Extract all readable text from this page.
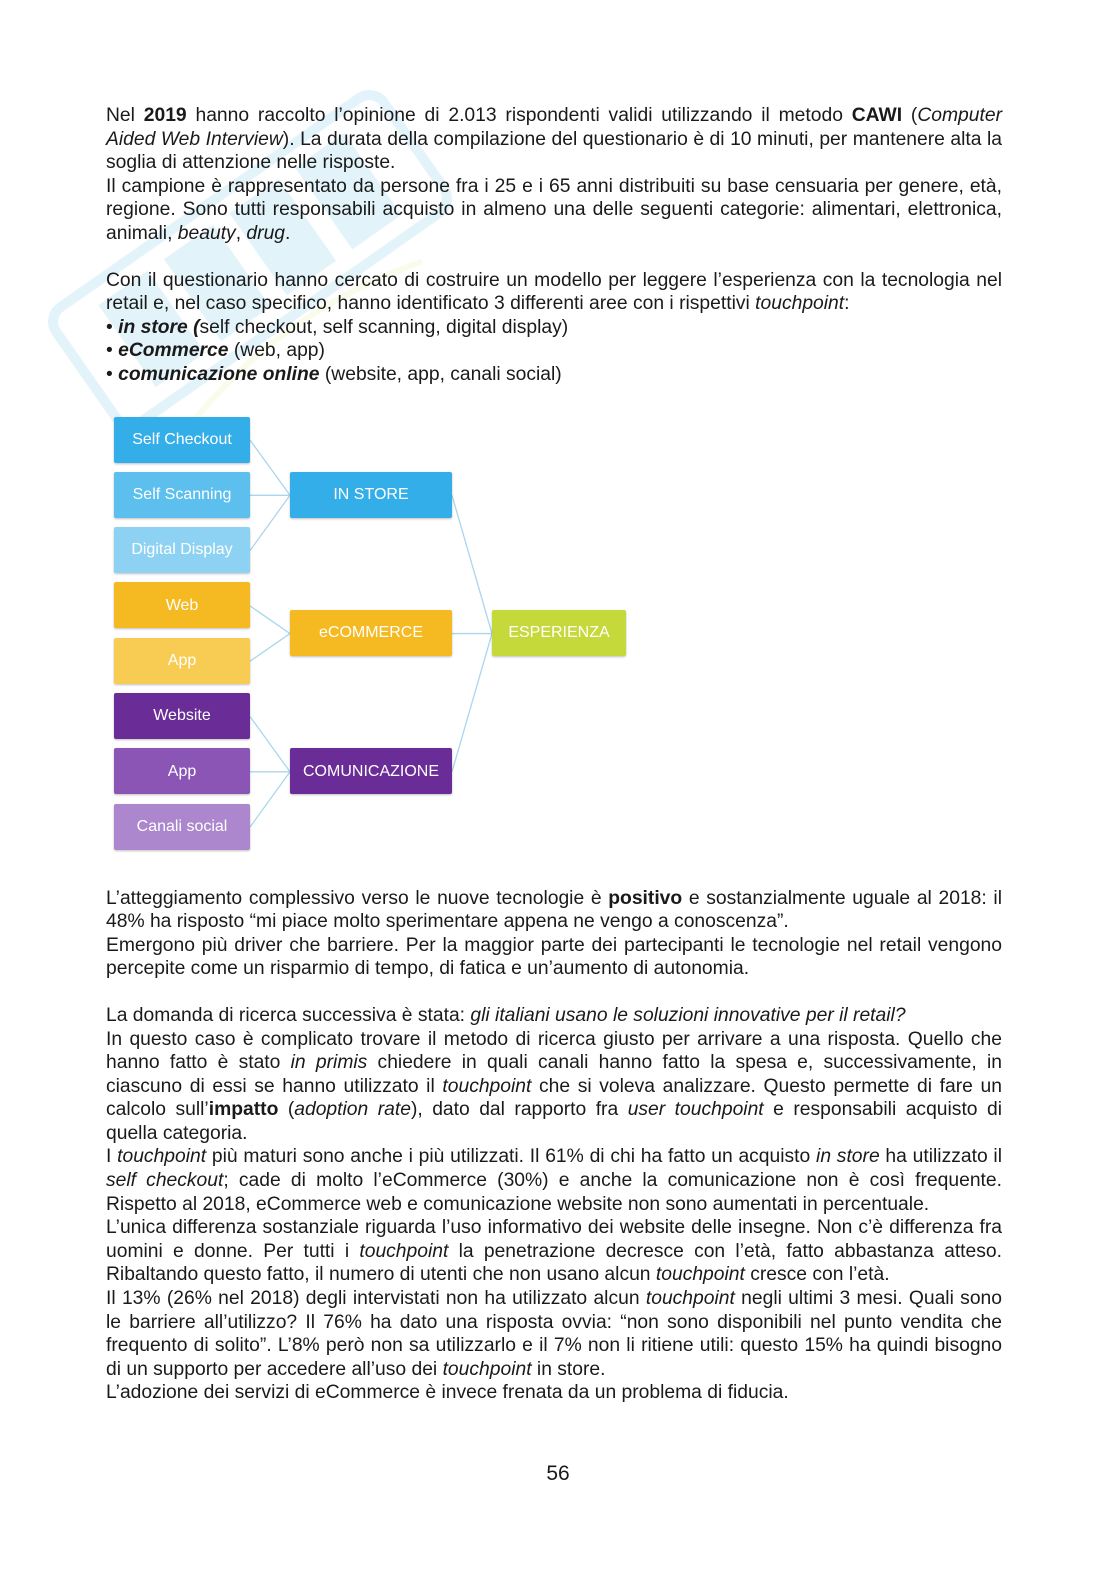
Nel 2019 hanno raccolto l’opinione di 2.013 rispondenti validi utilizzando il metodo CAWI (Computer Aided Web Interview). La durata della compilazione del questionario è di 10 minuti, per mantenere alta la soglia di attenzione nelle risposte.

Il campione è rappresentato da persone fra i 25 e i 65 anni distribuiti su base censuaria per genere, età, regione. Sono tutti responsabili acquisto in almeno una delle seguenti categorie: alimentari, elettronica, animali, beauty, drug.

Con il questionario hanno cercato di costruire un modello per leggere l’esperienza con la tecnologia nel retail e, nel caso specifico, hanno identificato 3 differenti aree con i rispettivi touchpoint:

• in store (self checkout, self scanning, digital display)
• eCommerce (web, app)
• comunicazione online (website, app, canali social)
Self Checkout
Self Scanning
Digital Display
Web
App
Website
App
Canali social
IN STORE
eCOMMERCE
COMUNICAZIONE
ESPERIENZA

L’atteggiamento complessivo verso le nuove tecnologie è positivo e sostanzialmente uguale al 2018: il 48% ha risposto “mi piace molto sperimentare appena ne vengo a conoscenza”.

Emergono più driver che barriere. Per la maggior parte dei partecipanti le tecnologie nel retail vengono percepite come un risparmio di tempo, di fatica e un’aumento di autonomia.

La domanda di ricerca successiva è stata: gli italiani usano le soluzioni innovative per il retail?

In questo caso è complicato trovare il metodo di ricerca giusto per arrivare a una risposta. Quello che hanno fatto è stato in primis chiedere in quali canali hanno fatto la spesa e, successivamente, in ciascuno di essi se hanno utilizzato il touchpoint che si voleva analizzare. Questo permette di fare un calcolo sull’impatto (adoption rate), dato dal rapporto fra user touchpoint e responsabili acquisto di quella categoria.

I touchpoint più maturi sono anche i più utilizzati. Il 61% di chi ha fatto un acquisto in store ha utilizzato il self checkout; cade di molto l’eCommerce (30%) e anche la comunicazione non è così frequente. Rispetto al 2018, eCommerce web e comunicazione website non sono aumentati in percentuale.

L’unica differenza sostanziale riguarda l’uso informativo dei website delle insegne. Non c’è differenza fra uomini e donne. Per tutti i touchpoint la penetrazione decresce con l’età, fatto abbastanza atteso. Ribaltando questo fatto, il numero di utenti che non usano alcun touchpoint cresce con l’età.

Il 13% (26% nel 2018) degli intervistati non ha utilizzato alcun touchpoint negli ultimi 3 mesi. Quali sono le barriere all’utilizzo? Il 76% ha dato una risposta ovvia: “non sono disponibili nel punto vendita che frequento di solito”. L’8% però non sa utilizzarlo e il 7% non li ritiene utili: questo 15% ha quindi bisogno di un supporto per accedere all’uso dei touchpoint in store.

L’adozione dei servizi di eCommerce è invece frenata da un problema di fiducia.

56
